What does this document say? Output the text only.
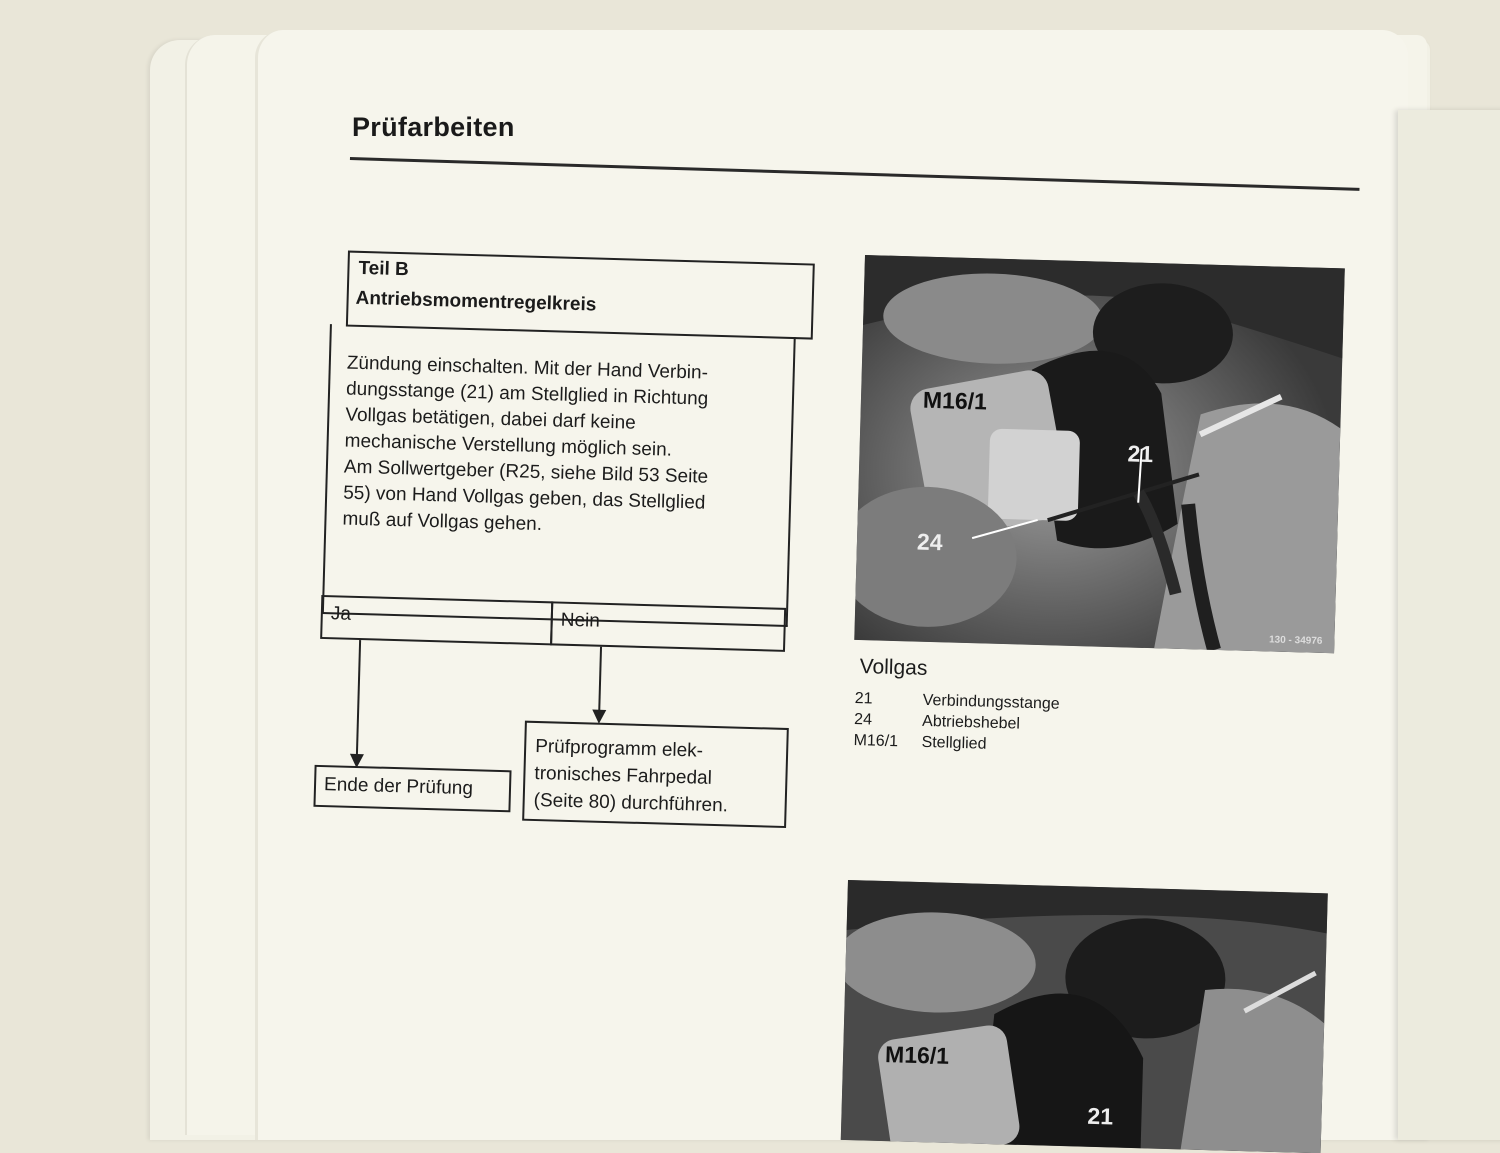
Prüfarbeiten
Teil B
Antriebsmomentregelkreis
Zündung einschalten. Mit der Hand Verbin-
dungsstange (21) am Stellglied in Richtung
Vollgas betätigen, dabei darf keine
mechanische Verstellung möglich sein.
Am Sollwertgeber (R25, siehe Bild 53 Seite
55) von Hand Vollgas geben, das Stellglied
muß auf Vollgas gehen.
Ja	Nein
Ende der Prüfung
Prüfprogramm elek-
tronisches Fahrpedal
(Seite 80) durchführen.
M16/1
21
24
130 - 34976
Vollgas
21	Verbindungsstange
24	Abtriebshebel
M16/1 Stellglied
M16/1
21
